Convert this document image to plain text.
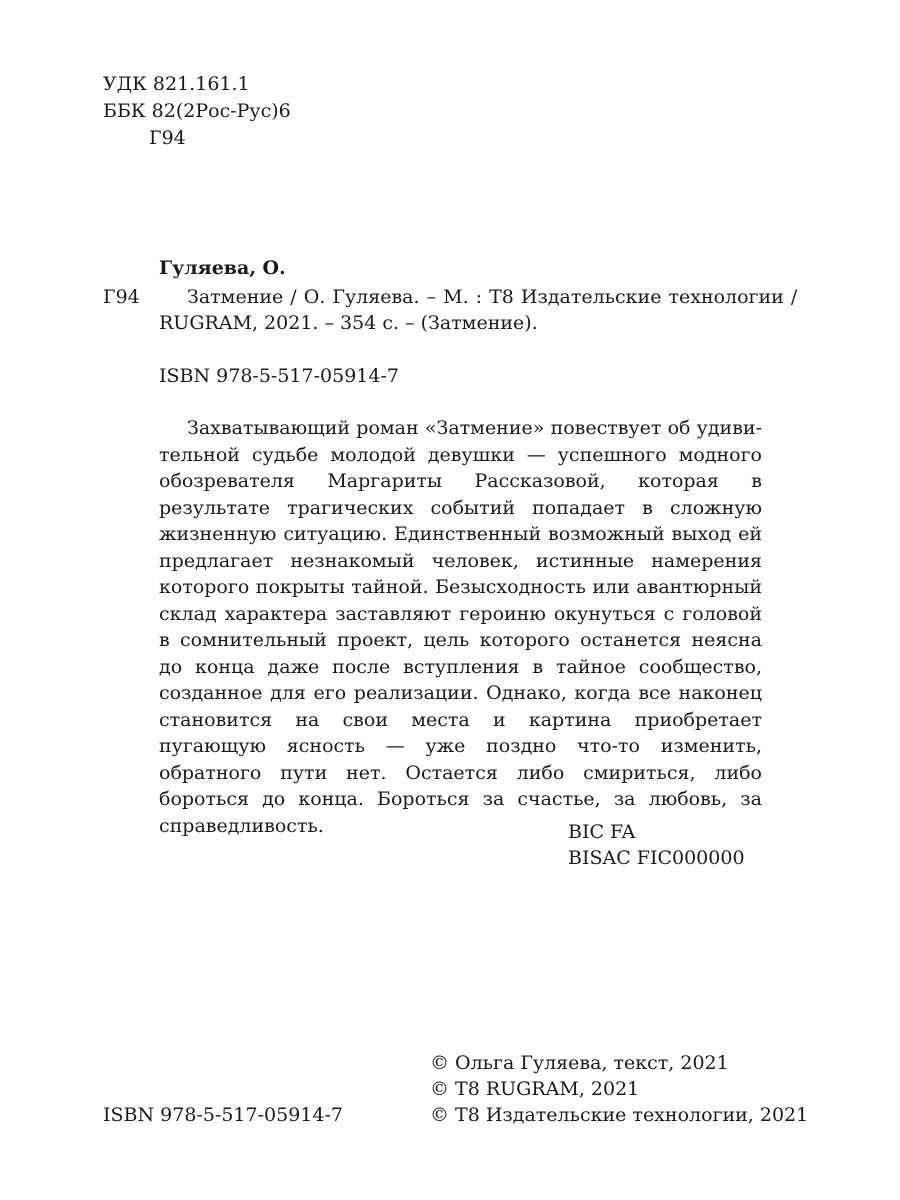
УДК 821.161.1
ББК 82(2Рос-Рус)6
Г94
Гуляева, О.
Г94 Затмение / О. Гуляева. – М. : Т8 Издательские технологии /
RUGRAM, 2021. – 354 с. – (Затмение).
ISBN 978-5-517-05914-7

Захватывающий роман «Затмение» повествует об удивительной судьбе молодой девушки — успешного модного обозревателя Маргариты Рассказовой, которая в результате трагических событий попадает в сложную жизненную ситуацию. Единственный возможный выход ей предлагает незнакомый человек, истинные намерения которого покрыты тайной. Безысходность или авантюрный склад характера заставляют героиню окунуться с головой в сомнительный проект, цель которого останется неясна до конца даже после вступления в тайное сообщество, созданное для его реализации. Однако, когда все наконец становится на свои места и картина приобретает пугающую ясность — уже поздно что-то изменить, обратного пути нет. Остается либо смириться, либо бороться до конца. Бороться за счастье, за любовь, за справедливость.	BIC FA
BISAC FIC000000
ISBN 978-5-517-05914-7
© Ольга Гуляева, текст, 2021
© Т8 RUGRAM, 2021
© Т8 Издательские технологии, 2021
